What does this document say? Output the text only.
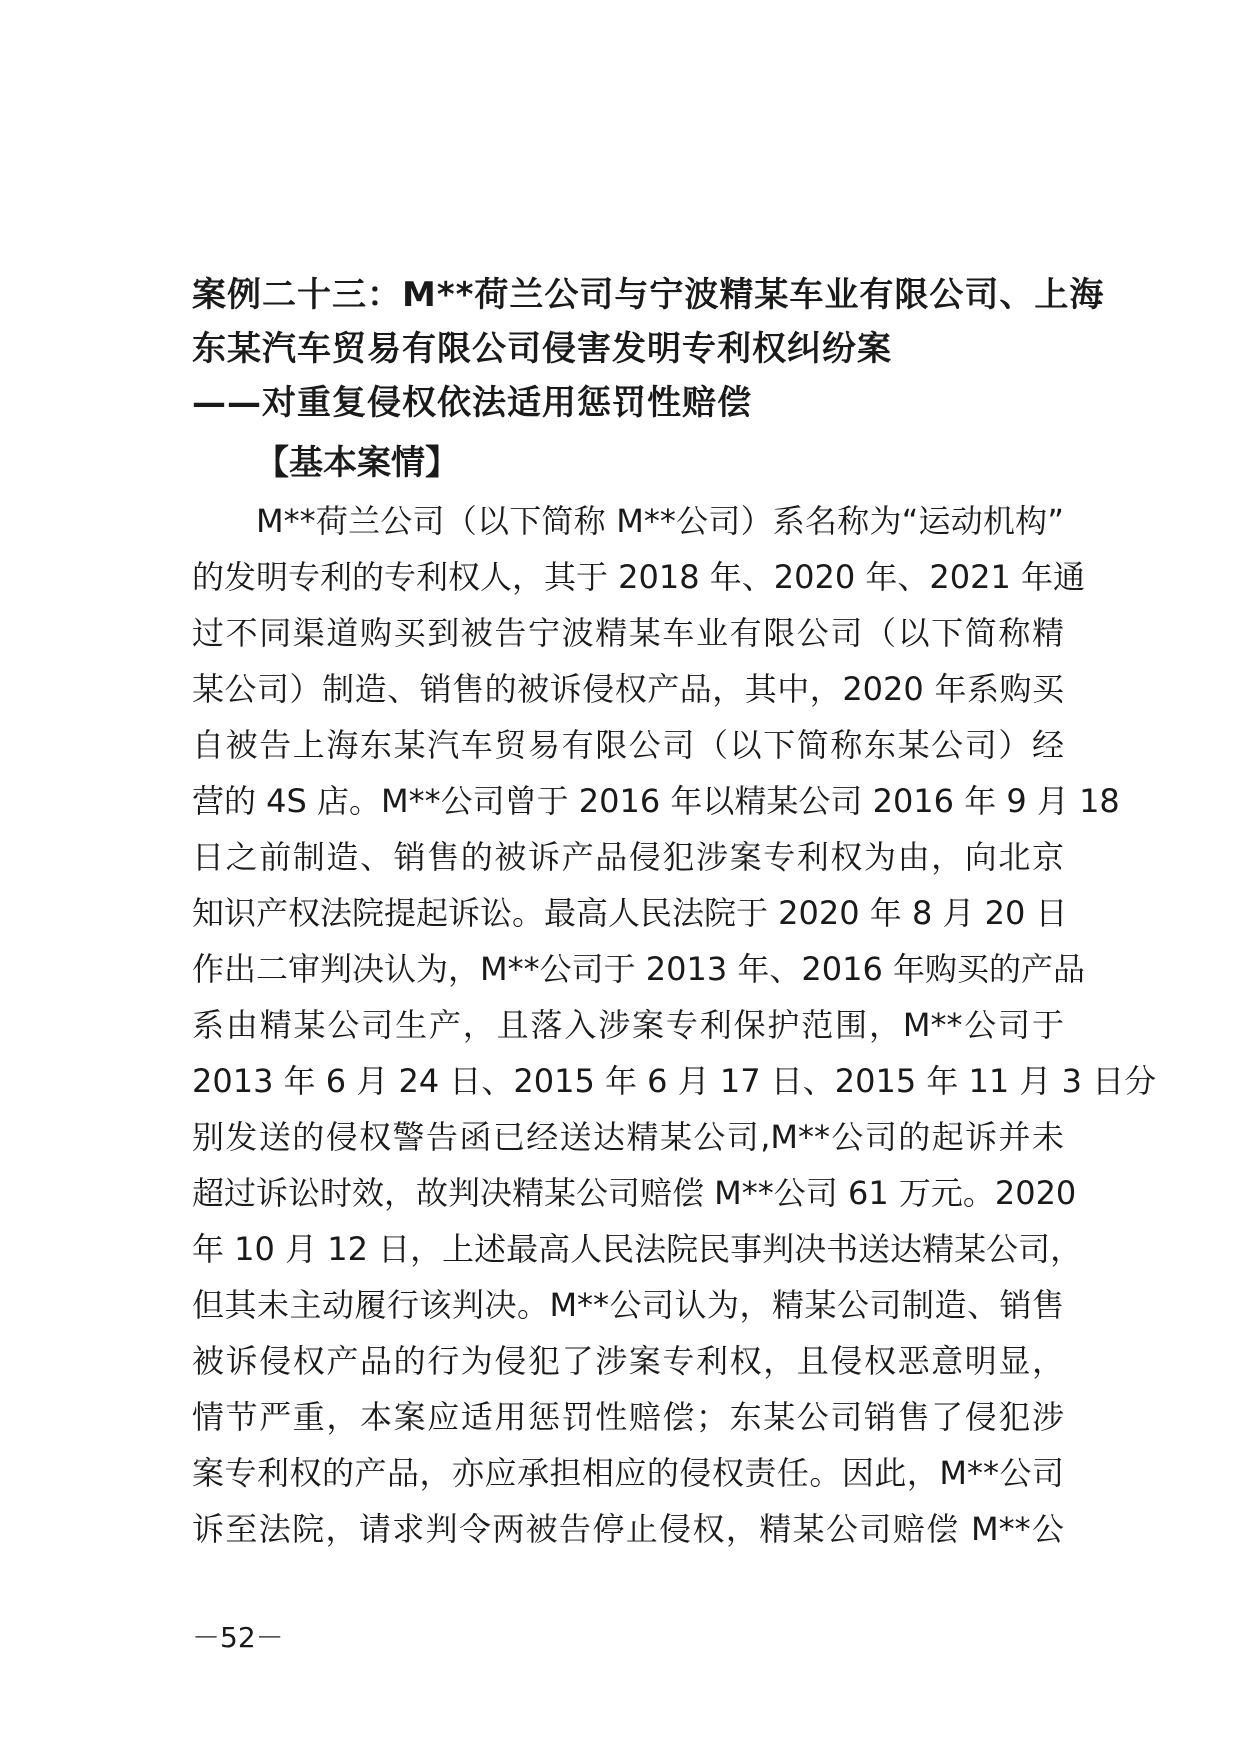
案例二十三：M**荷兰公司与宁波精某车业有限公司、上海
东某汽车贸易有限公司侵害发明专利权纠纷案
——对重复侵权依法适用惩罚性赔偿
【基本案情】
M**荷兰公司（以下简称 M**公司）系名称为“运动机构”
的发明专利的专利权人，其于 2018 年、2020 年、2021 年通
过不同渠道购买到被告宁波精某车业有限公司（以下简称精
某公司）制造、销售的被诉侵权产品，其中，2020 年系购买
自被告上海东某汽车贸易有限公司（以下简称东某公司）经
营的 4S 店。M**公司曾于 2016 年以精某公司 2016 年 9 月 18
日之前制造、销售的被诉产品侵犯涉案专利权为由，向北京
知识产权法院提起诉讼。最高人民法院于 2020 年 8 月 20 日
作出二审判决认为，M**公司于 2013 年、2016 年购买的产品
系由精某公司生产，且落入涉案专利保护范围，M**公司于
2013 年 6 月 24 日、2015 年 6 月 17 日、2015 年 11 月 3 日分
别发送的侵权警告函已经送达精某公司,M**公司的起诉并未
超过诉讼时效，故判决精某公司赔偿 M**公司 61 万元。2020
年 10 月 12 日，上述最高人民法院民事判决书送达精某公司，
但其未主动履行该判决。M**公司认为，精某公司制造、销售
被诉侵权产品的行为侵犯了涉案专利权，且侵权恶意明显，
情节严重，本案应适用惩罚性赔偿；东某公司销售了侵犯涉
案专利权的产品，亦应承担相应的侵权责任。因此，M**公司
诉至法院，请求判令两被告停止侵权，精某公司赔偿 M**公
－52－
